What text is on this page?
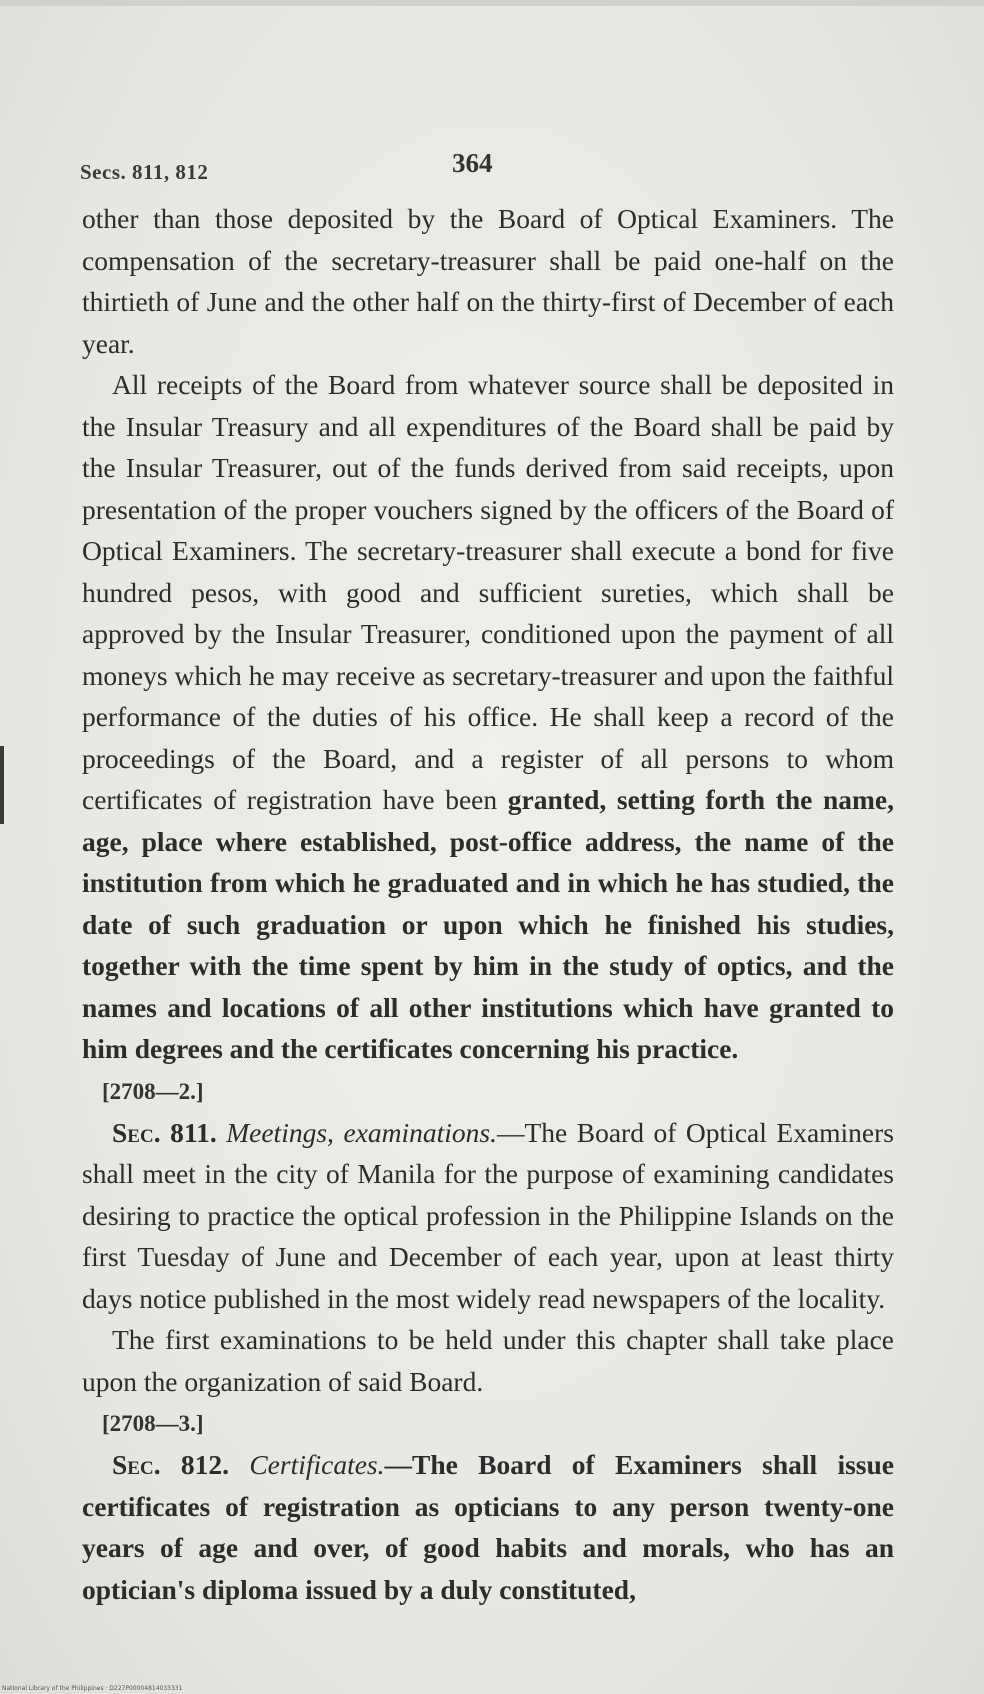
Secs. 811, 812	364

other than those deposited by the Board of Optical Examiners. The compensation of the secretary-treasurer shall be paid one-half on the thirtieth of June and the other half on the thirty-first of December of each year.

All receipts of the Board from whatever source shall be deposited in the Insular Treasury and all expenditures of the Board shall be paid by the Insular Treasurer, out of the funds derived from said receipts, upon presentation of the proper vouchers signed by the officers of the Board of Optical Examiners. The secretary-treasurer shall execute a bond for five hundred pesos, with good and sufficient sureties, which shall be approved by the Insular Treasurer, conditioned upon the payment of all moneys which he may receive as secretary-treasurer and upon the faithful performance of the duties of his office. He shall keep a record of the proceedings of the Board, and a register of all persons to whom certificates of registration have been granted, setting forth the name, age, place where established, post-office address, the name of the institution from which he graduated and in which he has studied, the date of such graduation or upon which he finished his studies, together with the time spent by him in the study of optics, and the names and locations of all other institutions which have granted to him degrees and the certificates concerning his practice.

[2708—2.]

Sec. 811. Meetings, examinations.—The Board of Optical Examiners shall meet in the city of Manila for the purpose of examining candidates desiring to practice the optical profession in the Philippine Islands on the first Tuesday of June and December of each year, upon at least thirty days notice published in the most widely read newspapers of the locality.

The first examinations to be held under this chapter shall take place upon the organization of said Board.

[2708—3.]

Sec. 812. Certificates.—The Board of Examiners shall issue certificates of registration as opticians to any person twenty-one years of age and over, of good habits and morals, who has an optician's diploma issued by a duly constituted,

National Library of the Philippines · D227P00004814033331
